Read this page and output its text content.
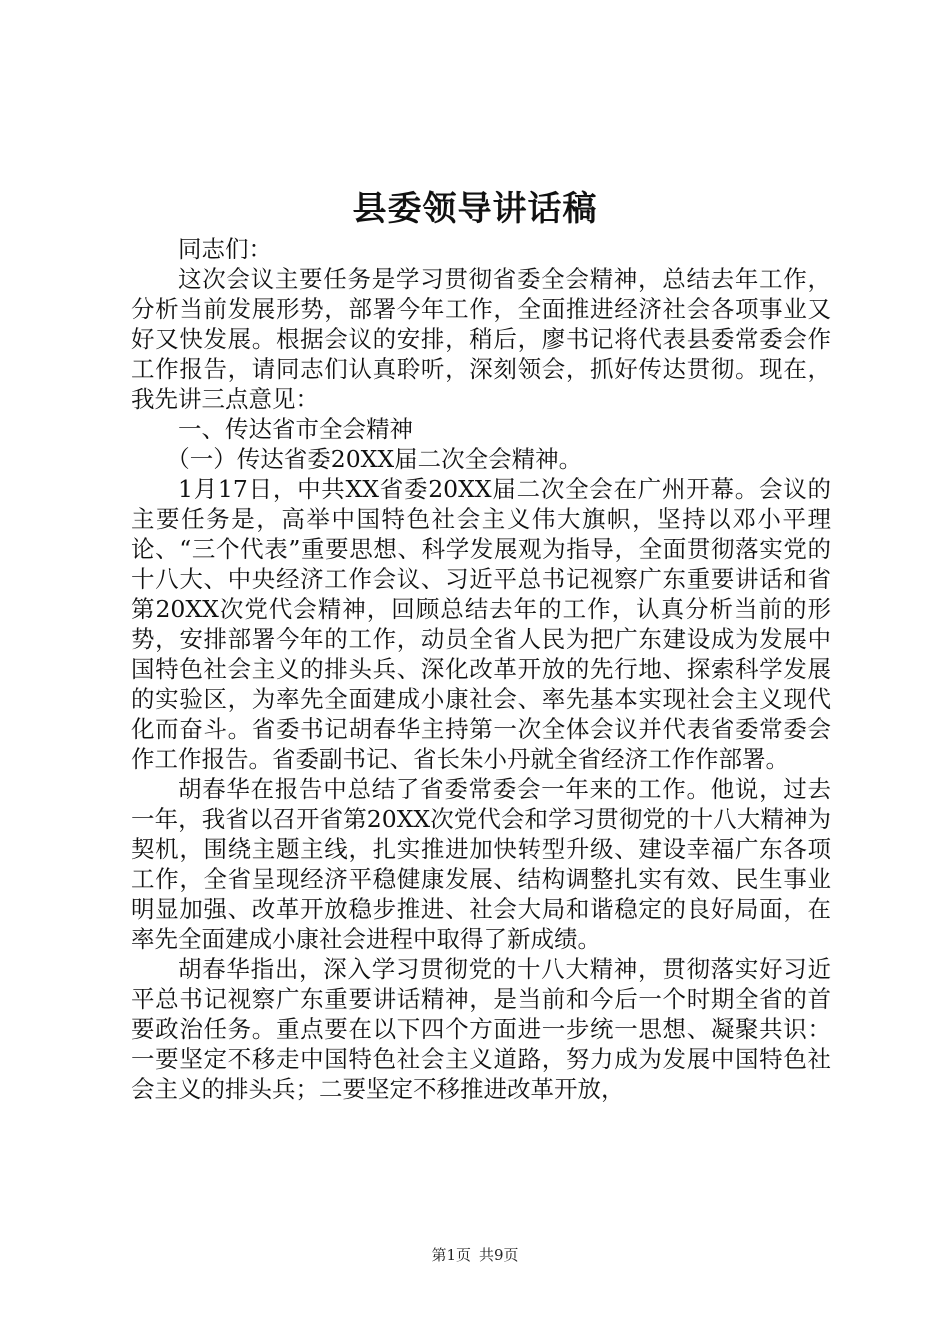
县委领导讲话稿

同志们：

这次会议主要任务是学习贯彻省委全会精神，总结去年工作，分析当前发展形势，部署今年工作，全面推进经济社会各项事业又好又快发展。根据会议的安排，稍后，廖书记将代表县委常委会作工作报告，请同志们认真聆听，深刻领会，抓好传达贯彻。现在，我先讲三点意见：

一、传达省市全会精神

（一）传达省委20XX届二次全会精神。

1月17日，中共XX省委20XX届二次全会在广州开幕。会议的主要任务是，高举中国特色社会主义伟大旗帜，坚持以邓小平理论、“三个代表”重要思想、科学发展观为指导，全面贯彻落实党的十八大、中央经济工作会议、习近平总书记视察广东重要讲话和省第20XX次党代会精神，回顾总结去年的工作，认真分析当前的形势，安排部署今年的工作，动员全省人民为把广东建设成为发展中国特色社会主义的排头兵、深化改革开放的先行地、探索科学发展的实验区，为率先全面建成小康社会、率先基本实现社会主义现代化而奋斗。省委书记胡春华主持第一次全体会议并代表省委常委会作工作报告。省委副书记、省长朱小丹就全省经济工作作部署。

胡春华在报告中总结了省委常委会一年来的工作。他说，过去一年，我省以召开省第20XX次党代会和学习贯彻党的十八大精神为契机，围绕主题主线，扎实推进加快转型升级、建设幸福广东各项工作，全省呈现经济平稳健康发展、结构调整扎实有效、民生事业明显加强、改革开放稳步推进、社会大局和谐稳定的良好局面，在率先全面建成小康社会进程中取得了新成绩。

胡春华指出，深入学习贯彻党的十八大精神，贯彻落实好习近平总书记视察广东重要讲话精神，是当前和今后一个时期全省的首要政治任务。重点要在以下四个方面进一步统一思想、凝聚共识：一要坚定不移走中国特色社会主义道路，努力成为发展中国特色社会主义的排头兵；二要坚定不移推进改革开放，

第1页 共9页
